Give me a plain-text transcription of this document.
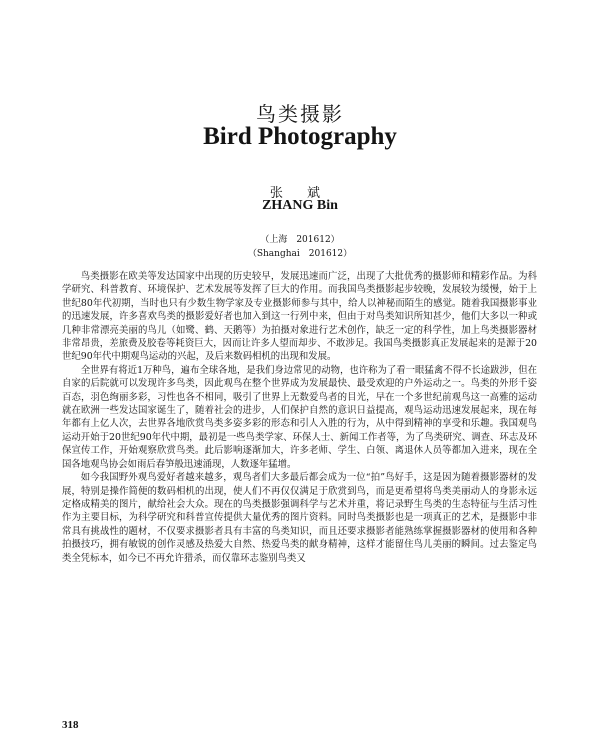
鸟类摄影
Bird Photography
张 斌
ZHANG Bin
（上海　201612）
（Shanghai　201612）

鸟类摄影在欧美等发达国家中出现的历史较早，发展迅速而广泛，出现了大批优秀的摄影师和精彩作品。为科学研究、科普教育、环境保护、艺术发展等发挥了巨大的作用。而我国鸟类摄影起步较晚，发展较为缓慢，始于上世纪80年代初期，当时也只有少数生物学家及专业摄影师参与其中，给人以神秘而陌生的感觉。随着我国摄影事业的迅速发展，许多喜欢鸟类的摄影爱好者也加入到这一行列中来，但由于对鸟类知识所知甚少，他们大多以一种或几种非常漂亮美丽的鸟儿（如鹭、鹤、天鹅等）为拍摄对象进行艺术创作，缺乏一定的科学性，加上鸟类摄影器材非常昂贵，差旅费及胶卷等耗资巨大，因而让许多人望而却步、不敢涉足。我国鸟类摄影真正发展起来的是源于20世纪90年代中期观鸟运动的兴起，及后来数码相机的出现和发展。

全世界有将近1万种鸟，遍布全球各地，是我们身边常见的动物，也许称为了看一眼猛禽不得不长途跋涉，但在自家的后院就可以发现许多鸟类，因此观鸟在整个世界成为发展最快、最受欢迎的户外运动之一。鸟类的外形千姿百态，羽色绚丽多彩，习性也各不相同，吸引了世界上无数爱鸟者的目光，早在一个多世纪前观鸟这一高雅的运动就在欧洲一些发达国家诞生了，随着社会的进步，人们保护自然的意识日益提高，观鸟运动迅速发展起来，现在每年都有上亿人次，去世界各地欣赏鸟类多姿多彩的形态和引人入胜的行为，从中得到精神的享受和乐趣。我国观鸟运动开始于20世纪90年代中期，最初是一些鸟类学家、环保人士、新闻工作者等，为了鸟类研究、调查、环志及环保宣传工作，开始观察欣赏鸟类。此后影响逐渐加大，许多老师、学生、白领、离退休人员等都加入进来，现在全国各地观鸟协会如雨后春笋般迅速涌现，人数逐年猛增。

如今我国野外观鸟爱好者越来越多，观鸟者们大多最后都会成为一位“拍”鸟好手，这是因为随着摄影器材的发展，特别是操作简便的数码相机的出现，使人们不再仅仅满足于欣赏到鸟，而是更希望将鸟类美丽动人的身影永远定格成精美的图片，献给社会大众。现在的鸟类摄影强调科学与艺术并重，将记录野生鸟类的生态特征与生活习性作为主要目标，为科学研究和科普宣传提供大量优秀的图片资料。同时鸟类摄影也是一项真正的艺术，是摄影中非常具有挑战性的题材，不仅要求摄影者具有丰富的鸟类知识，而且还要求摄影者能熟练掌握摄影器材的使用和各种拍摄技巧，拥有敏锐的创作灵感及热爱大自然、热爱鸟类的献身精神，这样才能留住鸟儿美丽的瞬间。过去鉴定鸟类全凭标本，如今已不再允许猎杀，而仅靠环志鉴别鸟类又

318
